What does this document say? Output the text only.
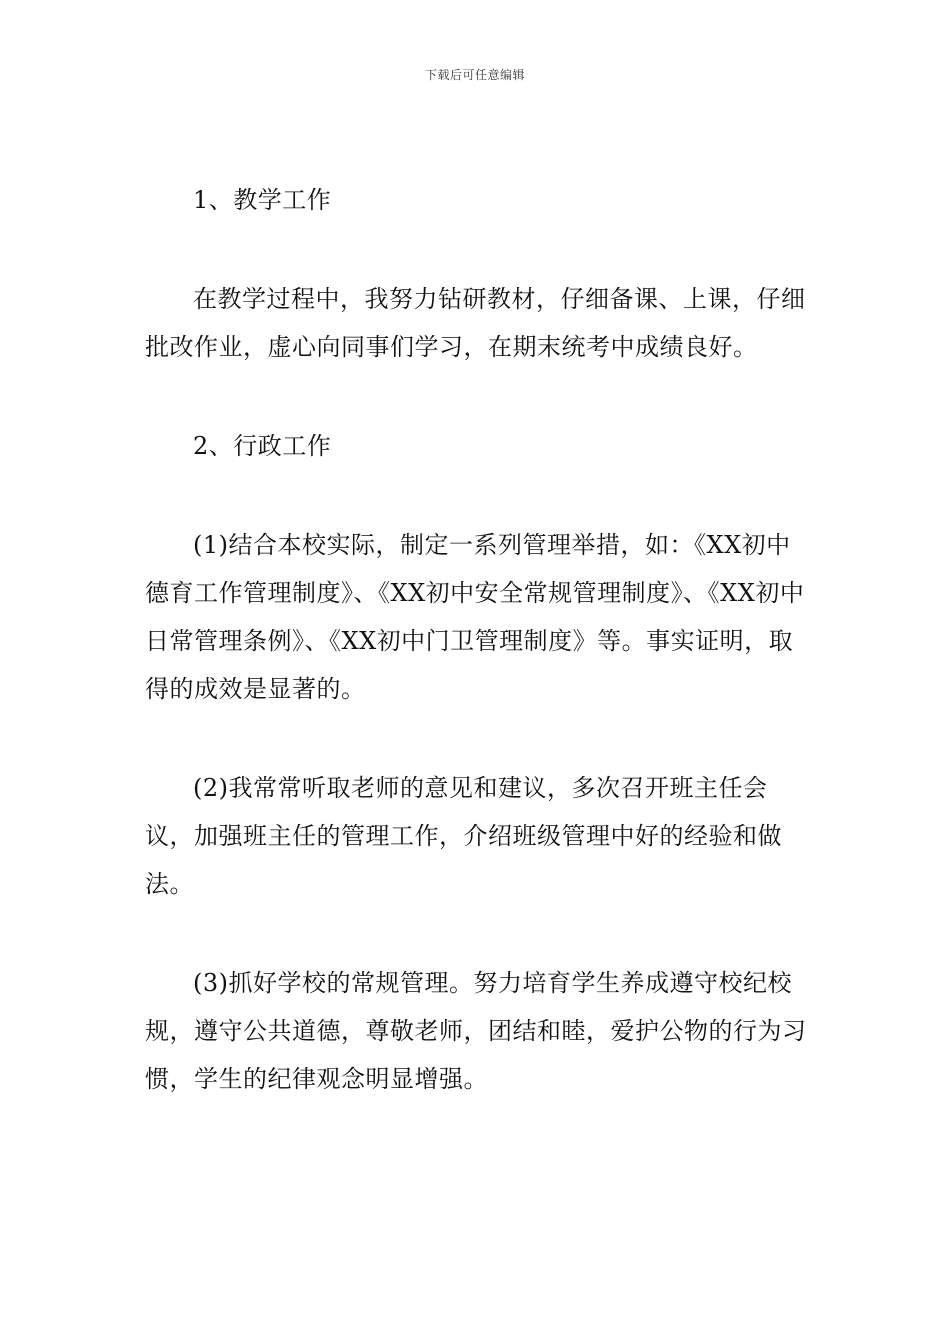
下载后可任意编辑

1、教学工作

在教学过程中，我努力钻研教材，仔细备课、上课，仔细批改作业，虚心向同事们学习，在期末统考中成绩良好。

2、行政工作

(1)结合本校实际，制定一系列管理举措，如：《XX初中德育工作管理制度》、《XX初中安全常规管理制度》、《XX初中日常管理条例》、《XX初中门卫管理制度》等。事实证明，取得的成效是显著的。

(2)我常常听取老师的意见和建议，多次召开班主任会议，加强班主任的管理工作，介绍班级管理中好的经验和做法。

(3)抓好学校的常规管理。努力培育学生养成遵守校纪校规，遵守公共道德，尊敬老师，团结和睦，爱护公物的行为习惯，学生的纪律观念明显增强。
